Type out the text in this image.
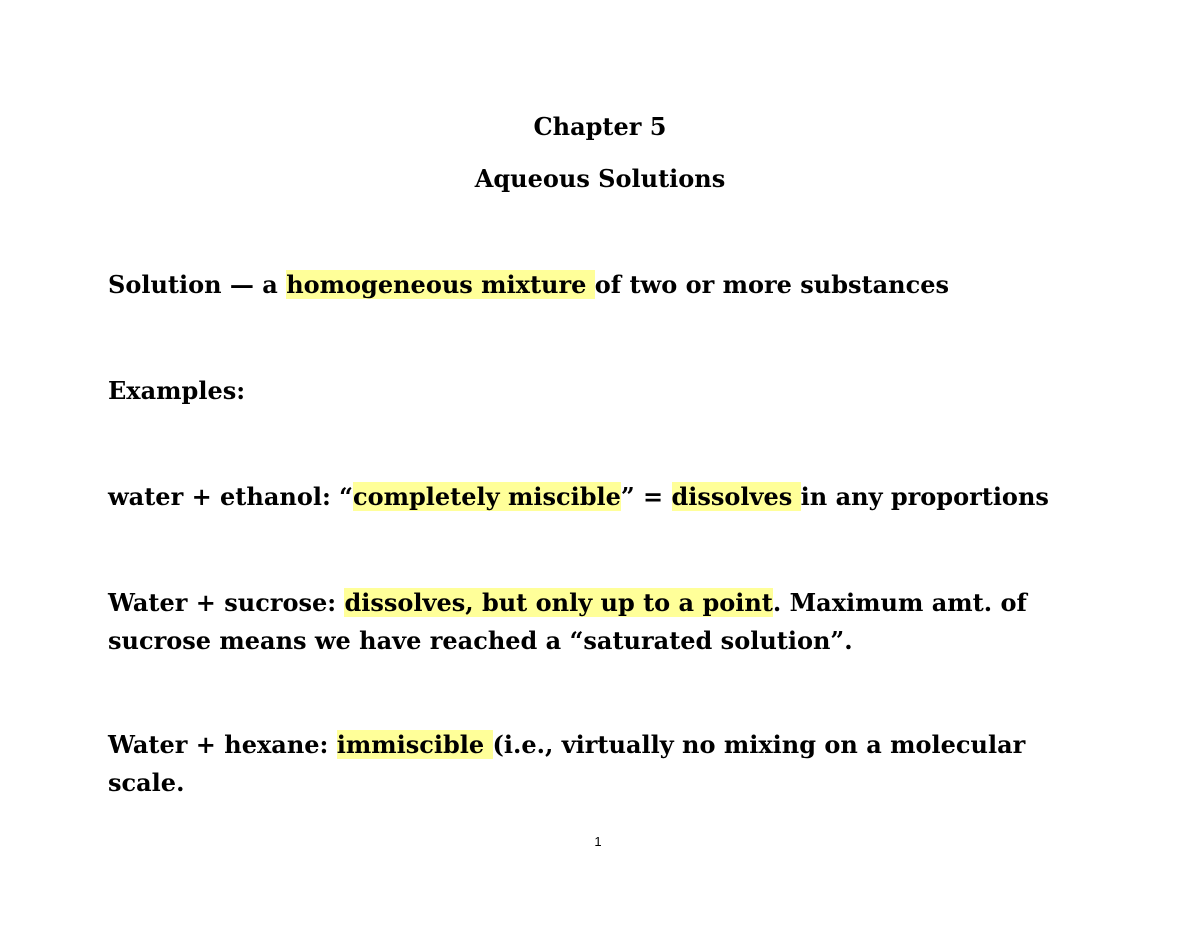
Chapter 5
Aqueous Solutions
Solution — a homogeneous mixture of two or more substances
Examples:
water + ethanol: “completely miscible” = dissolves in any proportions
Water + sucrose: dissolves, but only up to a point. Maximum amt. of
sucrose means we have reached a “saturated solution”.
Water + hexane: immiscible (i.e., virtually no mixing on a molecular
scale.
1
